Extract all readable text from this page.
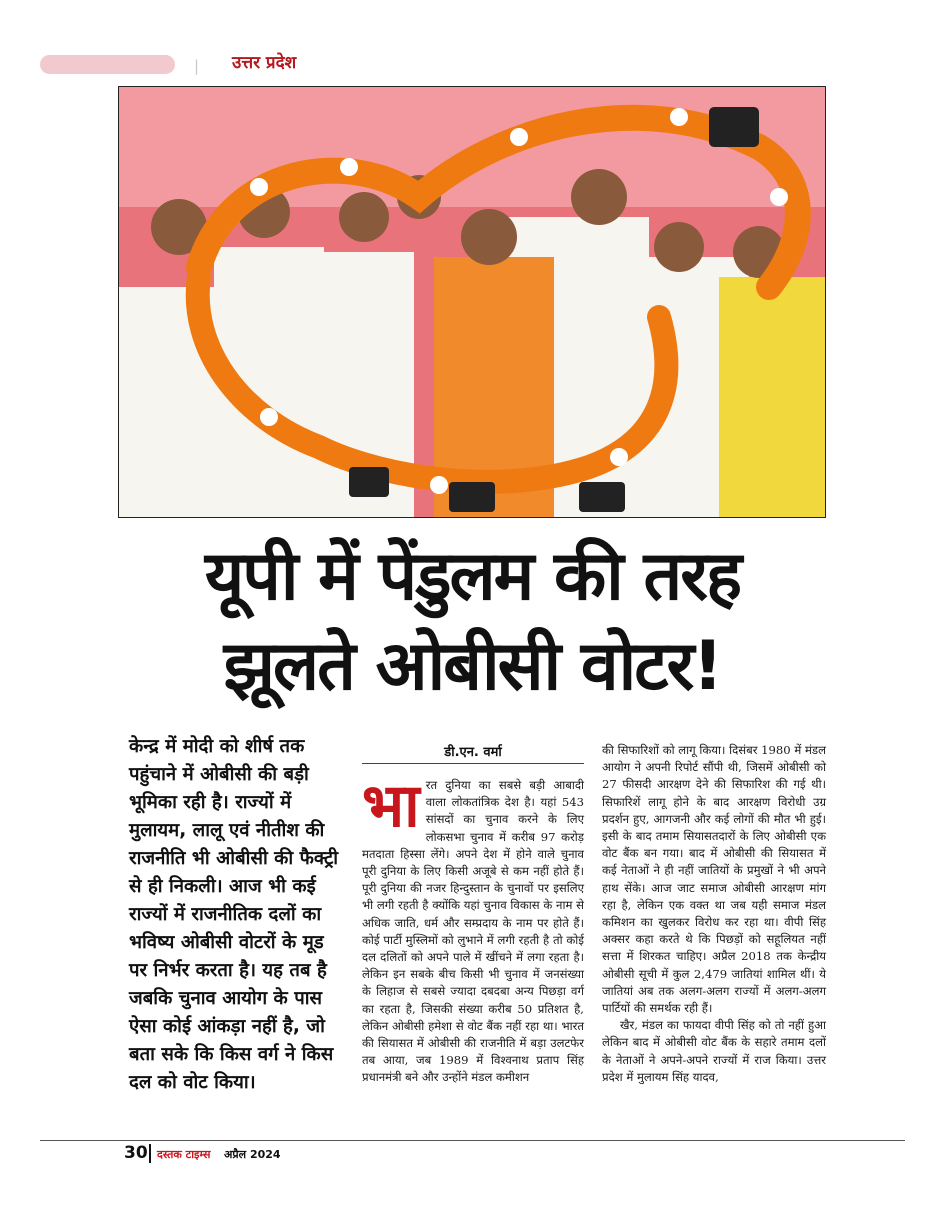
| उत्तर प्रदेश
यूपी में पेंडुलम की तरह
झूलते ओबीसी वोटर!
केन्द्र में मोदी को शीर्ष तक पहुंचाने में ओबीसी की बड़ी भूमिका रही है। राज्यों में मुलायम, लालू एवं नीतीश की राजनीति भी ओबीसी की फैक्ट्री से ही निकली। आज भी कई राज्यों में राजनीतिक दलों का भविष्य ओबीसी वोटरों के मूड पर निर्भर करता है। यह तब है जबकि चुनाव आयोग के पास ऐसा कोई आंकड़ा नहीं है, जो बता सके कि किस वर्ग ने किस दल को वोट किया।
डी.एन. वर्मा
भा रत दुनिया का सबसे बड़ी आबादी वाला लोकतांत्रिक देश है। यहां 543 सांसदों का चुनाव करने के लिए लोकसभा चुनाव में करीब 97 करोड़ मतदाता हिस्सा लेंगे। अपने देश में होने वाले चुनाव पूरी दुनिया के लिए किसी अजूबे से कम नहीं होते हैं। पूरी दुनिया की नजर हिन्दुस्तान के चुनावों पर इसलिए भी लगी रहती है क्योंकि यहां चुनाव विकास के नाम से अधिक जाति, धर्म और सम्प्रदाय के नाम पर होते हैं। कोई पार्टी मुस्लिमों को लुभाने में लगी रहती है तो कोई दल दलितों को अपने पाले में खींचने में लगा रहता है। लेकिन इन सबके बीच किसी भी चुनाव में जनसंख्या के लिहाज से सबसे ज्यादा दबदबा अन्य पिछड़ा वर्ग का रहता है, जिसकी संख्या करीब 50 प्रतिशत है, लेकिन ओबीसी हमेशा से वोट बैंक नहीं रहा था। भारत की सियासत में ओबीसी की राजनीति में बड़ा उलटफेर तब आया, जब 1989 में विश्वनाथ प्रताप सिंह प्रधानमंत्री बने और उन्होंने मंडल कमीशन

की सिफारिशों को लागू किया। दिसंबर 1980 में मंडल आयोग ने अपनी रिपोर्ट सौंपी थी, जिसमें ओबीसी को 27 फीसदी आरक्षण देने की सिफारिश की गई थी। सिफारिशें लागू होने के बाद आरक्षण विरोधी उग्र प्रदर्शन हुए, आगजनी और कई लोगों की मौत भी हुई। इसी के बाद तमाम सियासतदारों के लिए ओबीसी एक वोट बैंक बन गया। बाद में ओबीसी की सियासत में कई नेताओं ने ही नहीं जातियों के प्रमुखों ने भी अपने हाथ सेंके। आज जाट समाज ओबीसी आरक्षण मांग रहा है, लेकिन एक वक्त था जब यही समाज मंडल कमिशन का खुलकर विरोध कर रहा था। वीपी सिंह अक्सर कहा करते थे कि पिछड़ों को सहूलियत नहीं सत्ता में शिरकत चाहिए। अप्रैल 2018 तक केन्द्रीय ओबीसी सूची में कुल 2,479 जातियां शामिल थीं। ये जातियां अब तक अलग-अलग राज्यों में अलग-अलग पार्टियों की समर्थक रही हैं।

खैर, मंडल का फायदा वीपी सिंह को तो नहीं हुआ लेकिन बाद में ओबीसी वोट बैंक के सहारे तमाम दलों के नेताओं ने अपने-अपने राज्यों में राज किया। उत्तर प्रदेश में मुलायम सिंह यादव,

30 दस्तक टाइम्स अप्रैल 2024
